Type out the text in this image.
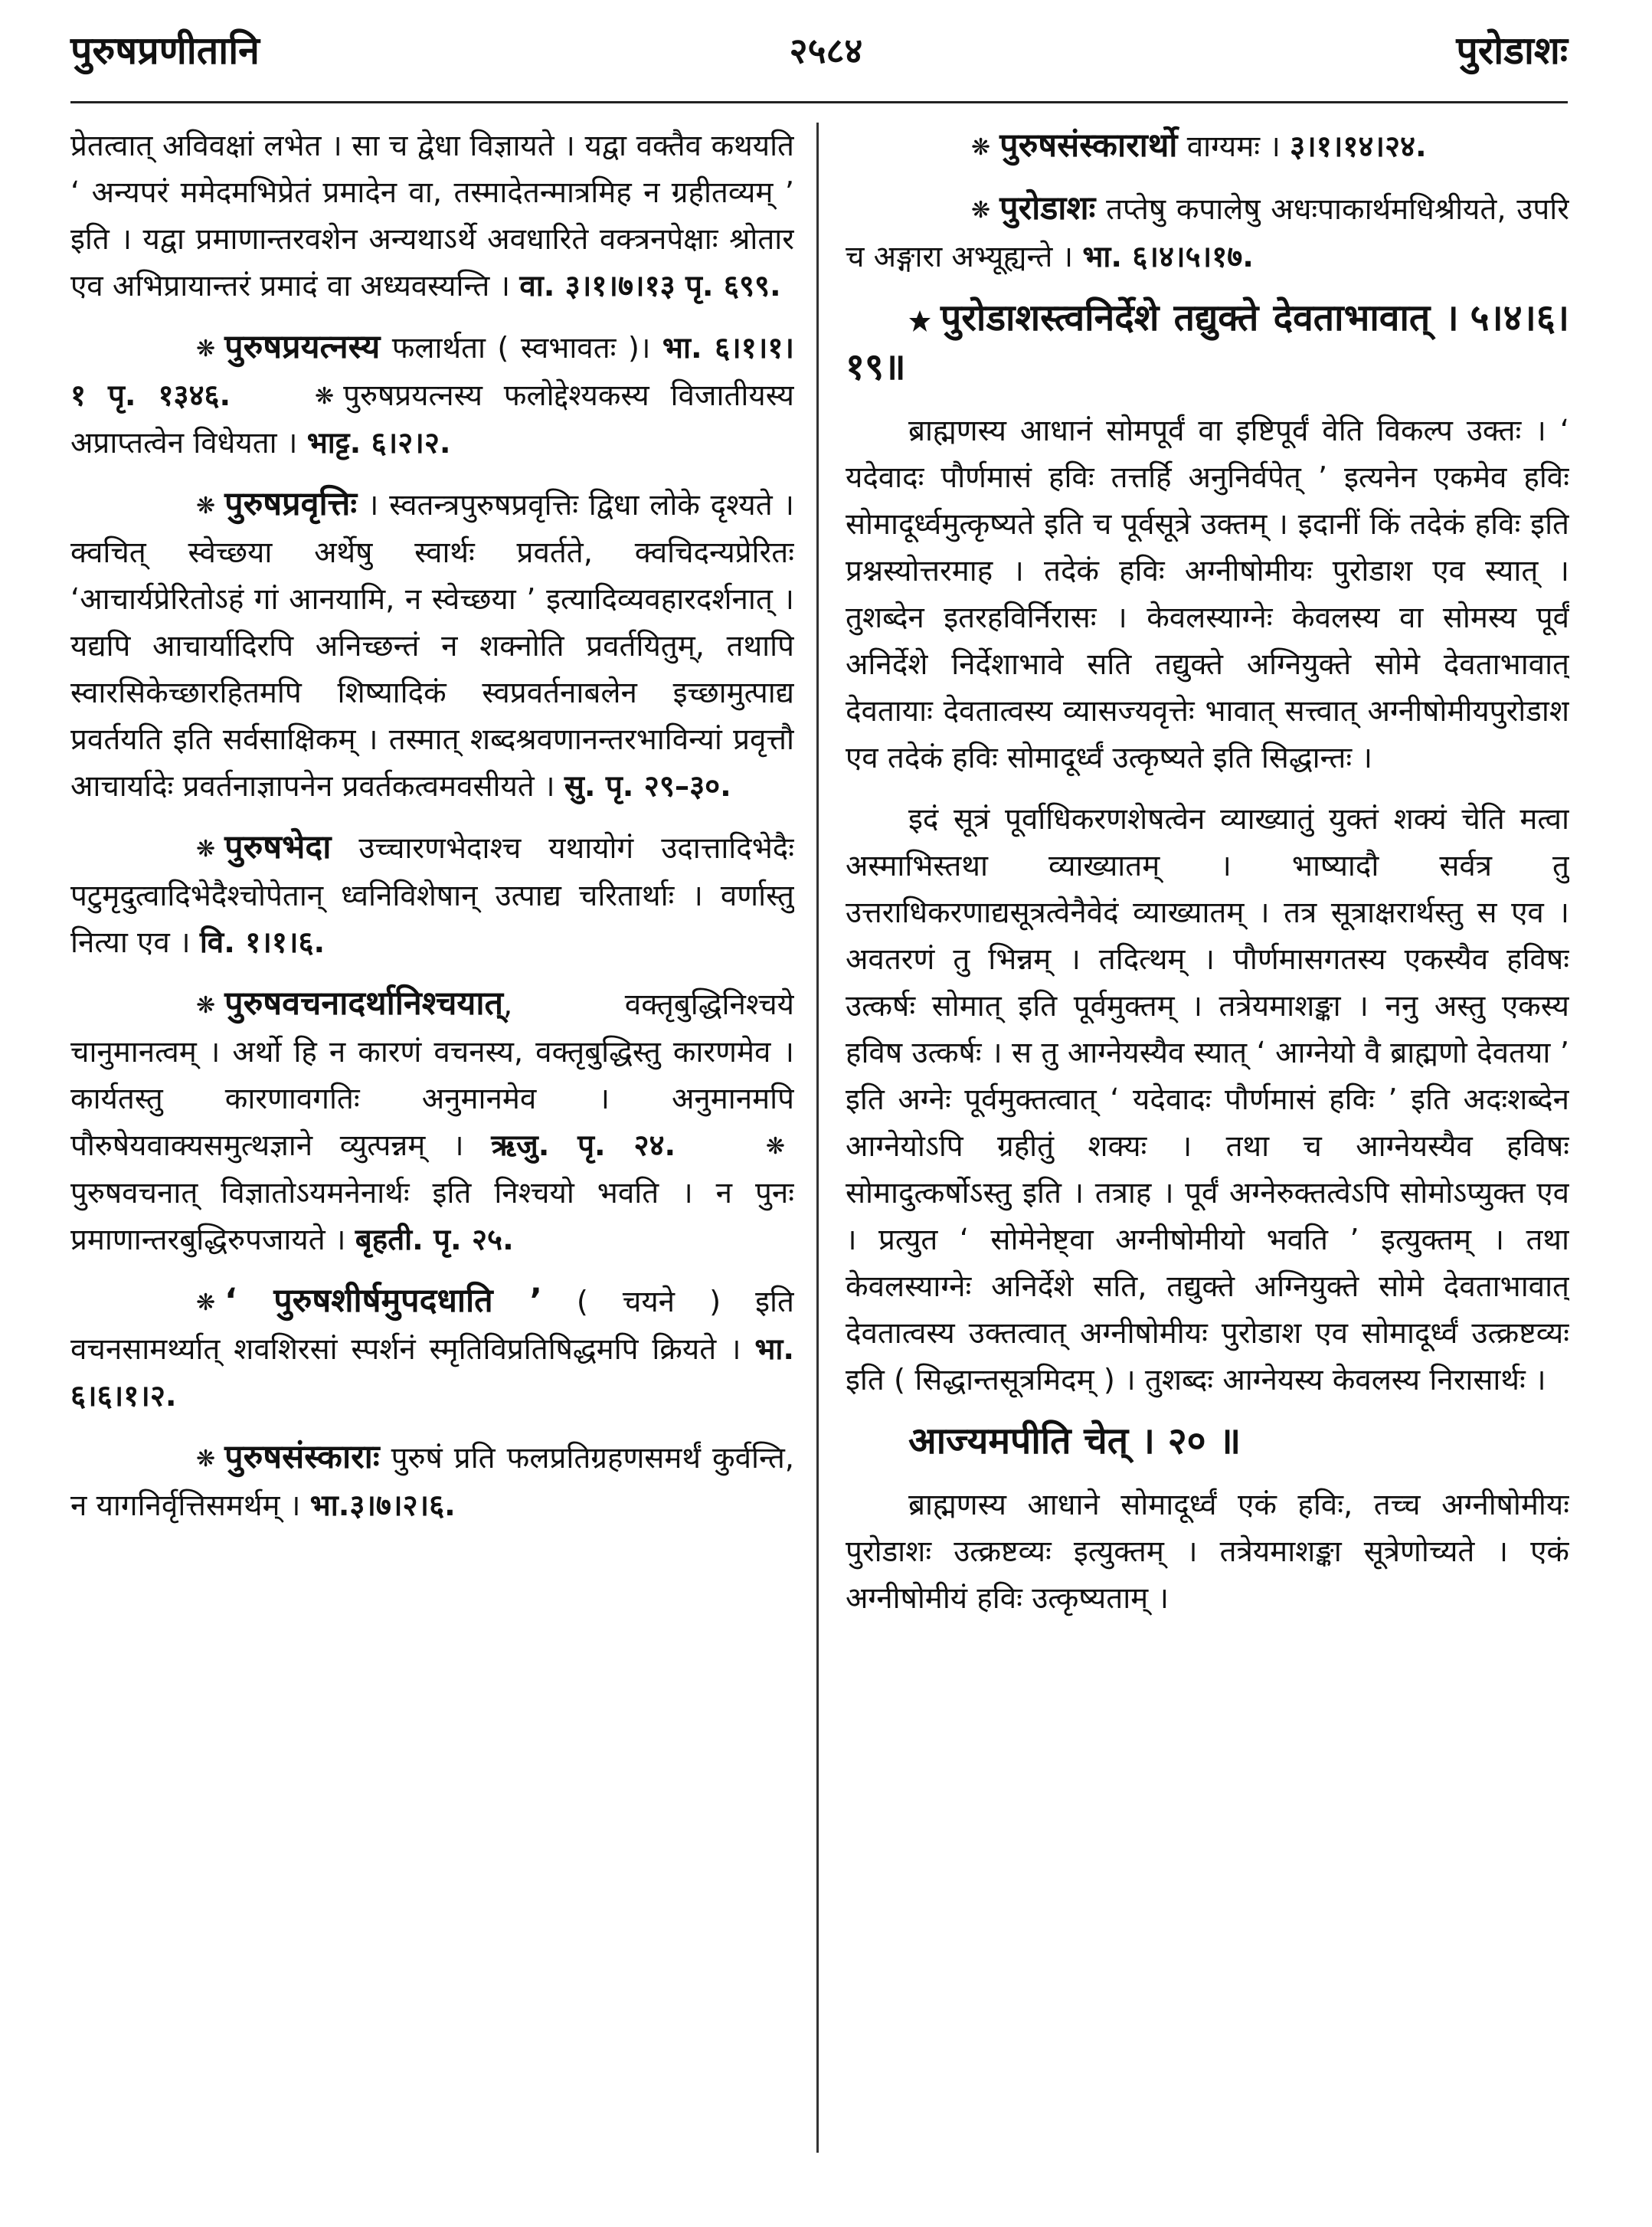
पुरुषप्रणीतानि	२५८४	पुरोडाशः

प्रेतत्वात् अविवक्षां लभेत । सा च द्वेधा विज्ञायते । यद्वा वक्तैव कथयति ‘ अन्यपरं ममेदमभिप्रेतं प्रमादेन वा, तस्मादेतन्मात्रमिह न ग्रहीतव्यम् ’ इति । यद्वा प्रमाणान्तरवशेन अन्यथाऽर्थे अवधारिते वक्त्रनपेक्षाः श्रोतार एव अभिप्रायान्तरं प्रमादं वा अध्यवस्यन्ति । वा. ३।१।७।१३ पृ. ६९९.

❋ पुरुषप्रयत्नस्य फलार्थता ( स्वभावतः )। भा. ६।१।१।१ पृ. १३४६.	❋ पुरुषप्रयत्नस्य फलोद्देश्यकस्य विजातीयस्य अप्राप्तत्वेन विधेयता । भाट्ट. ६।२।२.

❋ पुरुषप्रवृत्तिः । स्वतन्त्रपुरुषप्रवृत्तिः द्विधा लोके दृश्यते । क्वचित् स्वेच्छया अर्थेषु स्वार्थः प्रवर्तते, क्वचिदन्यप्रेरितः ‘आचार्यप्रेरितोऽहं गां आनयामि, न स्वेच्छया ’ इत्यादिव्यवहारदर्शनात् । यद्यपि आचार्यादिरपि अनिच्छन्तं न शक्नोति प्रवर्तयितुम्, तथापि स्वारसिकेच्छारहितमपि शिष्यादिकं स्वप्रवर्तनाबलेन इच्छामुत्पाद्य प्रवर्तयति इति सर्वसाक्षिकम् । तस्मात् शब्दश्रवणानन्तरभाविन्यां प्रवृत्तौ आचार्यादेः प्रवर्तनाज्ञापनेन प्रवर्तकत्वमवसीयते । सु. पृ. २९–३०.

❋ पुरुषभेदा उच्चारणभेदाश्च यथायोगं उदात्तादिभेदैः पटुमृदुत्वादिभेदैश्चोपेतान् ध्वनिविशेषान् उत्पाद्य चरितार्थाः । वर्णास्तु नित्या एव । वि. १।१।६.

❋ पुरुषवचनादर्थानिश्चयात्, वक्तृबुद्धिनिश्चये चानुमानत्वम् । अर्थो हि न कारणं वचनस्य, वक्तृबुद्धिस्तु कारणमेव । कार्यतस्तु कारणावगतिः अनुमानमेव । अनुमानमपि पौरुषेयवाक्यसमुत्थज्ञाने व्युत्पन्नम् । ऋजु. पृ. २४.	❋पुरुषवचनात् विज्ञातोऽयमनेनार्थः इति निश्चयो भवति । न पुनः प्रमाणान्तरबुद्धिरुपजायते । बृहती. पृ. २५.

❋ ‘ पुरुषशीर्षमुपदधाति ’ ( चयने ) इति वचनसामर्थ्यात् शवशिरसां स्पर्शनं स्मृतिविप्रतिषिद्धमपि क्रियते । भा. ६।६।१।२.

❋ पुरुषसंस्काराः पुरुषं प्रति फलप्रतिग्रहणसमर्थं कुर्वन्ति, न यागनिर्वृत्तिसमर्थम् । भा.३।७।२।६.

❋ पुरुषसंस्कारार्थो वाग्यमः । ३।१।१४।२४.

❋ पुरोडाशः तप्तेषु कपालेषु अधःपाकार्थमधिश्रीयते, उपरि च अङ्गारा अभ्यूह्यन्ते । भा. ६।४।५।१७.

पुरोडाशस्त्वनिर्देशे तद्युक्ते देवताभावात् । ५।४।६।१९॥

ब्राह्मणस्य आधानं सोमपूर्वं वा इष्टिपूर्वं वेति विकल्प उक्तः । ‘ यदेवादः पौर्णमासं हविः तत्तर्हि अनुनिर्वपेत् ’ इत्यनेन एकमेव हविः सोमादूर्ध्वमुत्कृष्यते इति च पूर्वसूत्रे उक्तम् । इदानीं किं तदेकं हविः इति प्रश्नस्योत्तरमाह । तदेकं हविः अग्नीषोमीयः पुरोडाश एव स्यात् । तुशब्देन इतरहविर्निरासः । केवलस्याग्नेः केवलस्य वा सोमस्य पूर्वं अनिर्देशे निर्देशाभावे सति तद्युक्ते अग्नियुक्ते सोमे देवताभावात् देवतायाः देवतात्वस्य व्यासज्यवृत्तेः भावात् सत्त्वात् अग्नीषोमीयपुरोडाश एव तदेकं हविः सोमादूर्ध्वं उत्कृष्यते इति सिद्धान्तः ।

इदं सूत्रं पूर्वाधिकरणशेषत्वेन व्याख्यातुं युक्तं शक्यं चेति मत्वा अस्माभिस्तथा व्याख्यातम् । भाष्यादौ सर्वत्र तु उत्तराधिकरणाद्यसूत्रत्वेनैवेदं व्याख्यातम् । तत्र सूत्राक्षरार्थस्तु स एव । अवतरणं तु भिन्नम् । तदित्थम् । पौर्णमासगतस्य एकस्यैव हविषः उत्कर्षः सोमात् इति पूर्वमुक्तम् । तत्रेयमाशङ्का । ननु अस्तु एकस्य हविष उत्कर्षः । स तु आग्नेयस्यैव स्यात् ‘ आग्नेयो वै ब्राह्मणो देवतया ’ इति अग्नेः पूर्वमुक्तत्वात् ‘ यदेवादः पौर्णमासं हविः ’ इति अदःशब्देन आग्नेयोऽपि ग्रहीतुं शक्यः । तथा च आग्नेयस्यैव हविषः सोमादुत्कर्षोऽस्तु इति । तत्राह । पूर्वं अग्नेरुक्तत्वेऽपि सोमोऽप्युक्त एव । प्रत्युत ‘ सोमेनेष्ट्वा अग्नीषोमीयो भवति ’ इत्युक्तम् । तथा केवलस्याग्नेः अनिर्देशे सति, तद्युक्ते अग्नियुक्ते सोमे देवताभावात् देवतात्वस्य उक्तत्वात् अग्नीषोमीयः पुरोडाश एव सोमादूर्ध्वं उत्क्रष्टव्यः इति ( सिद्धान्तसूत्रमिदम् ) । तुशब्दः आग्नेयस्य केवलस्य निरासार्थः ।

आज्यमपीति चेत् । २० ॥

ब्राह्मणस्य आधाने सोमादूर्ध्वं एकं हविः, तच्च अग्नीषोमीयः पुरोडाशः उत्क्रष्टव्यः इत्युक्तम् । तत्रेयमाशङ्का सूत्रेणोच्यते । एकं अग्नीषोमीयं हविः उत्कृष्यताम् ।
